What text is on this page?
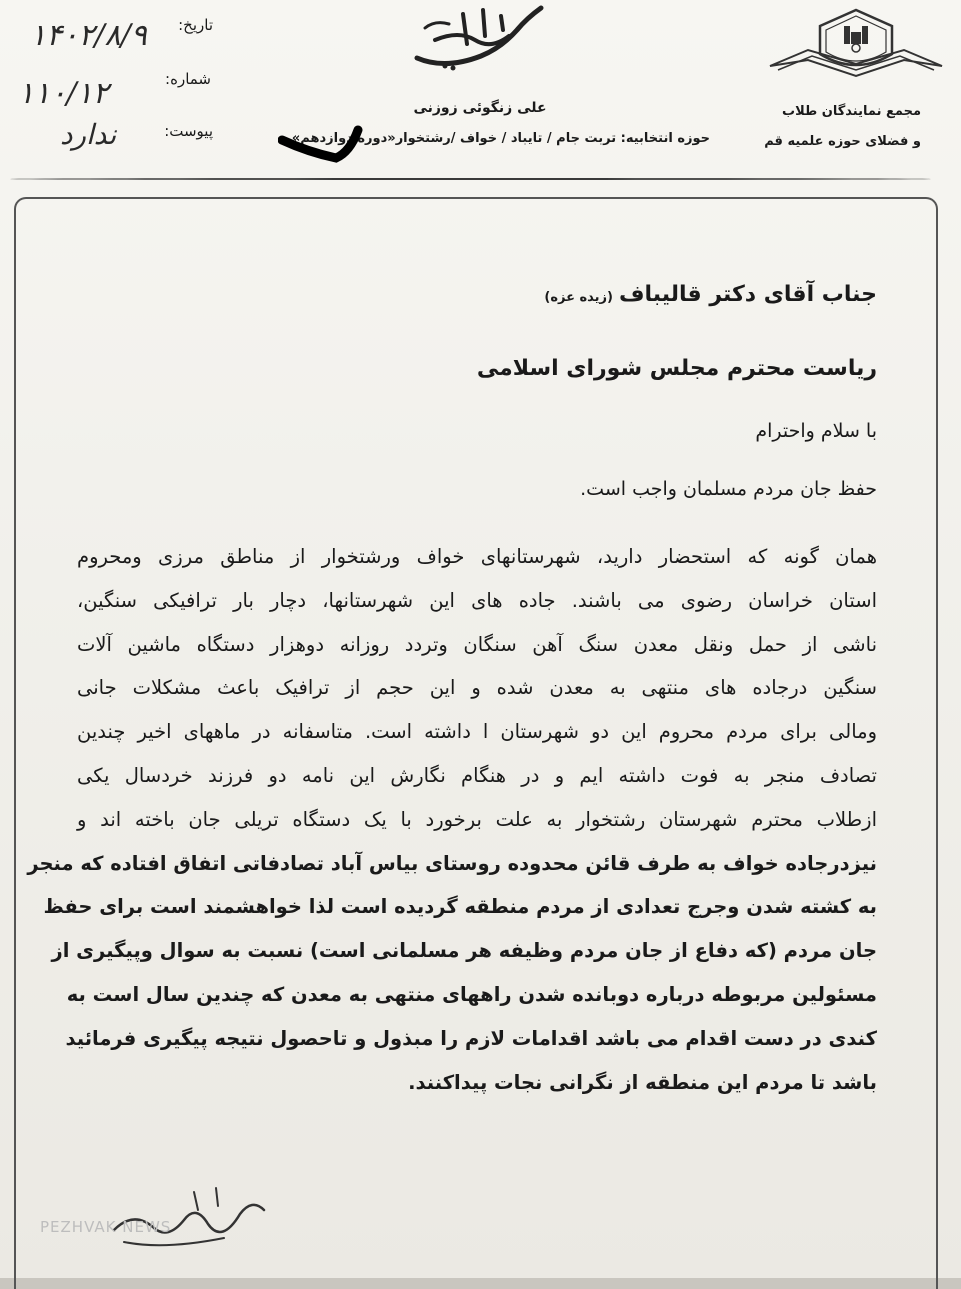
مجمع نمایندگان طلاب
و فضلای حوزه علمیه قم
علی زنگوئی زوزنی
حوزه انتخابیه: تربت جام / تایباد / خواف /رشتخوار«دوره دوازدهم»
تاریخ:
۱۴۰۲/۸/۹
شماره:
۱۱۰/۱۲
پیوست:
ندارد
جناب آقای دکتر قالیباف(زیده عزه)
ریاست محترم مجلس شورای اسلامی
با سلام واحترام
حفظ جان مردم مسلمان واجب است.
همان گونه که استحضار دارید، شهرستانهای خواف ورشتخوار از مناطق مرزی ومحروم
استان خراسان رضوی می باشند. جاده های این شهرستانها، دچار بار ترافیکی سنگین،
ناشی از حمل ونقل معدن سنگ آهن سنگان وتردد روزانه دوهزار دستگاه ماشین آلات
سنگین درجاده های منتهی به معدن شده و این حجم از ترافیک باعث مشکلات جانی
ومالی برای مردم محروم این دو شهرستان ا داشته است. متاسفانه در ماههای اخیر چندین
تصادف منجر به فوت داشته ایم و در هنگام نگارش این نامه دو فرزند خردسال یکی
ازطلاب محترم شهرستان رشتخوار به علت برخورد با یک دستگاه تریلی جان باخته اند و
نیزدرجاده خواف به طرف قائن محدوده روستای بیاس آباد تصادفاتی اتفاق افتاده که منجر
به کشته شدن وجرج تعدادی از مردم منطقه گردیده است لذا خواهشمند است برای حفظ
جان مردم (که دفاع از جان مردم وظیفه هر مسلمانی است) نسبت به سوال وپیگیری از
مسئولین مربوطه درباره دوبانده شدن راههای منتهی به معدن که چندین سال است به
کندی در دست اقدام می باشد اقدامات لازم را مبذول و تاحصول نتیجه پیگیری فرمائید
باشد تا مردم این منطقه از نگرانی نجات پیداکنند.
PEZHVAK NEWS
